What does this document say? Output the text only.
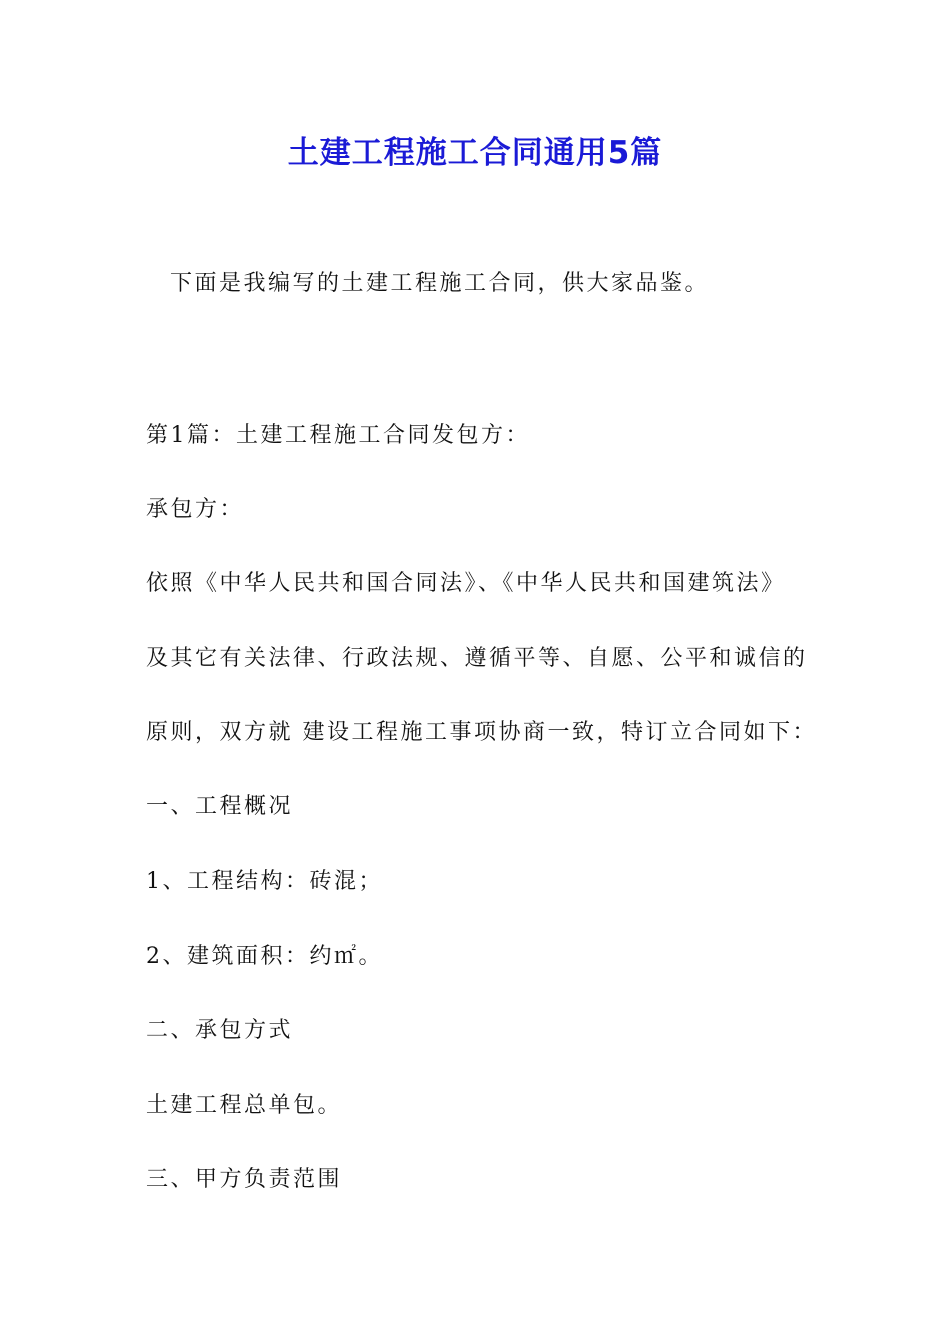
土建工程施工合同通用5篇
下面是我编写的土建工程施工合同，供大家品鉴。
第1篇：土建工程施工合同发包方：
承包方：
依照《中华人民共和国合同法》、《中华人民共和国建筑法》
及其它有关法律、行政法规、遵循平等、自愿、公平和诚信的
原则，双方就 建设工程施工事项协商一致，特订立合同如下：
一、工程概况
1、工程结构：砖混；
2、建筑面积：约㎡。
二、承包方式
土建工程总单包。
三、甲方负责范围
